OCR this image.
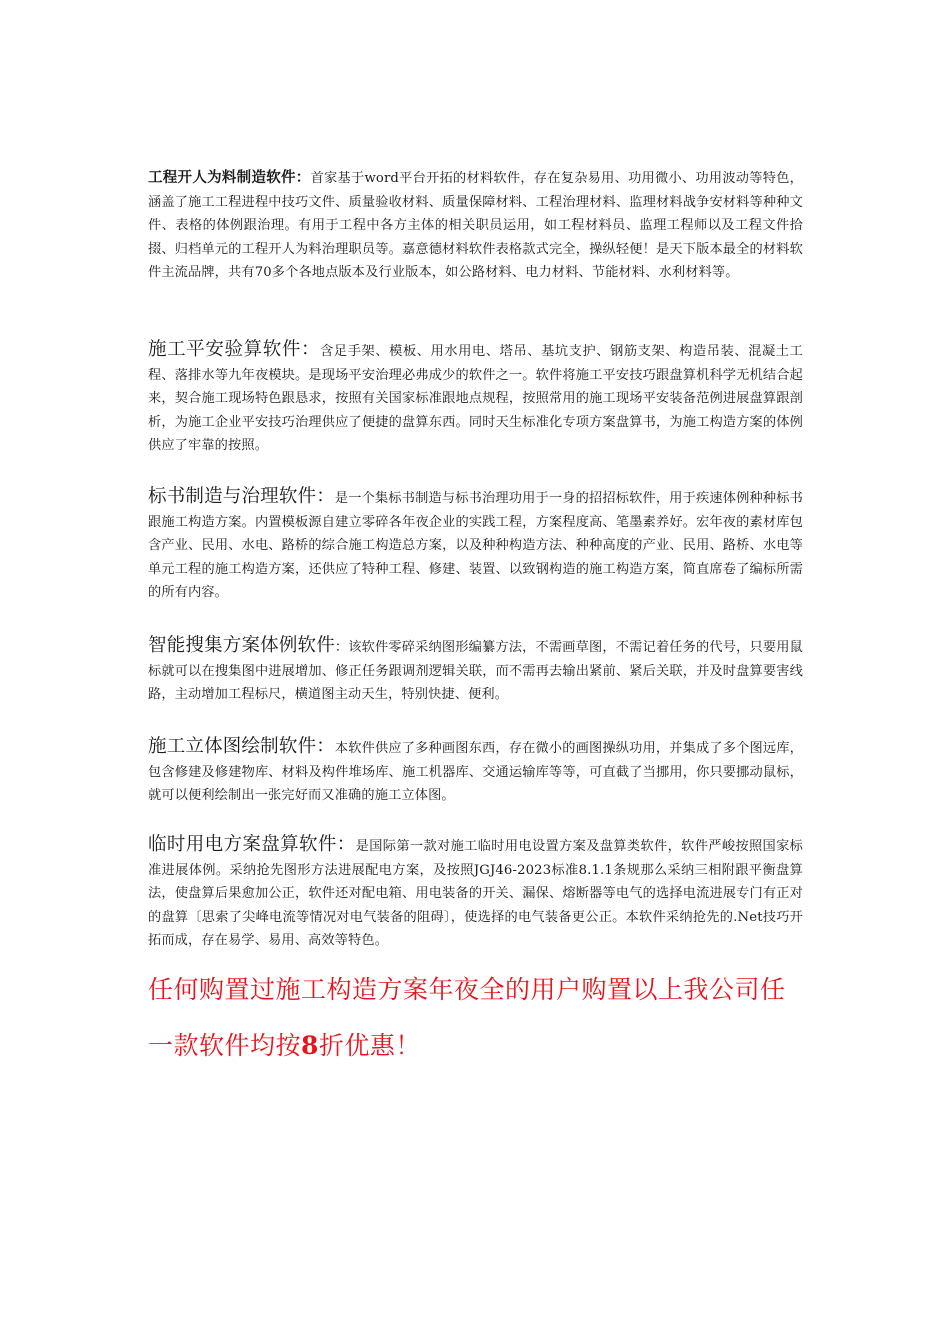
工程开人为料制造软件：首家基于word平台开拓的材料软件，存在复杂易用、功用微小、功用波动等特色，涵盖了施工工程进程中技巧文件、质量验收材料、质量保障材料、工程治理材料、监理材料战争安材料等种种文件、表格的体例跟治理。有用于工程中各方主体的相关职员运用，如工程材料员、监理工程师以及工程文件拾掇、归档单元的工程开人为料治理职员等。嘉意德材料软件表格款式完全，操纵轻便！是天下版本最全的材料软件主流品牌，共有70多个各地点版本及行业版本，如公路材料、电力材料、节能材料、水利材料等。
施工平安验算软件：含足手架、模板、用水用电、塔吊、基坑支护、钢筋支架、构造吊装、混凝土工程、落排水等九年夜模块。是现场平安治理必弗成少的软件之一。软件将施工平安技巧跟盘算机科学无机结合起来，契合施工现场特色跟恳求，按照有关国家标准跟地点规程，按照常用的施工现场平安装备范例进展盘算跟剖析，为施工企业平安技巧治理供应了便捷的盘算东西。同时天生标准化专项方案盘算书，为施工构造方案的体例供应了牢靠的按照。
标书制造与治理软件：是一个集标书制造与标书治理功用于一身的招招标软件，用于疾速体例种种标书跟施工构造方案。内置模板源自建立零碎各年夜企业的实践工程，方案程度高、笔墨素养好。宏年夜的素材库包含产业、民用、水电、路桥的综合施工构造总方案，以及种种构造方法、种种高度的产业、民用、路桥、水电等单元工程的施工构造方案，还供应了特种工程、修建、装置、以致钢构造的施工构造方案，简直席卷了编标所需的所有内容。
智能搜集方案体例软件：该软件零碎采纳图形编纂方法，不需画草图，不需记着任务的代号，只要用鼠标就可以在搜集图中进展增加、修正任务跟调剂逻辑关联，而不需再去输出紧前、紧后关联，并及时盘算要害线路，主动增加工程标尺，横道图主动天生，特别快捷、便利。
施工立体图绘制软件：本软件供应了多种画图东西，存在微小的画图操纵功用，并集成了多个图远库，包含修建及修建物库、材料及构件堆场库、施工机器库、交通运输库等等，可直截了当挪用，你只要挪动鼠标，就可以便利绘制出一张完好而又准确的施工立体图。
临时用电方案盘算软件：是国际第一款对施工临时用电设置方案及盘算类软件，软件严峻按照国家标准进展体例。采纳抢先图形方法进展配电方案，及按照JGJ46-2023标准8.1.1条规那么采纳三相附跟平衡盘算法，使盘算后果愈加公正，软件还对配电箱、用电装备的开关、漏保、熔断器等电气的选择电流进展专门有正对的盘算〔思索了尖峰电流等情况对电气装备的阻碍〕，使选择的电气装备更公正。本软件采纳抢先的.Net技巧开拓而成，存在易学、易用、高效等特色。
任何购置过施工构造方案年夜全的用户购置以上我公司任一款软件均按8折优惠！
